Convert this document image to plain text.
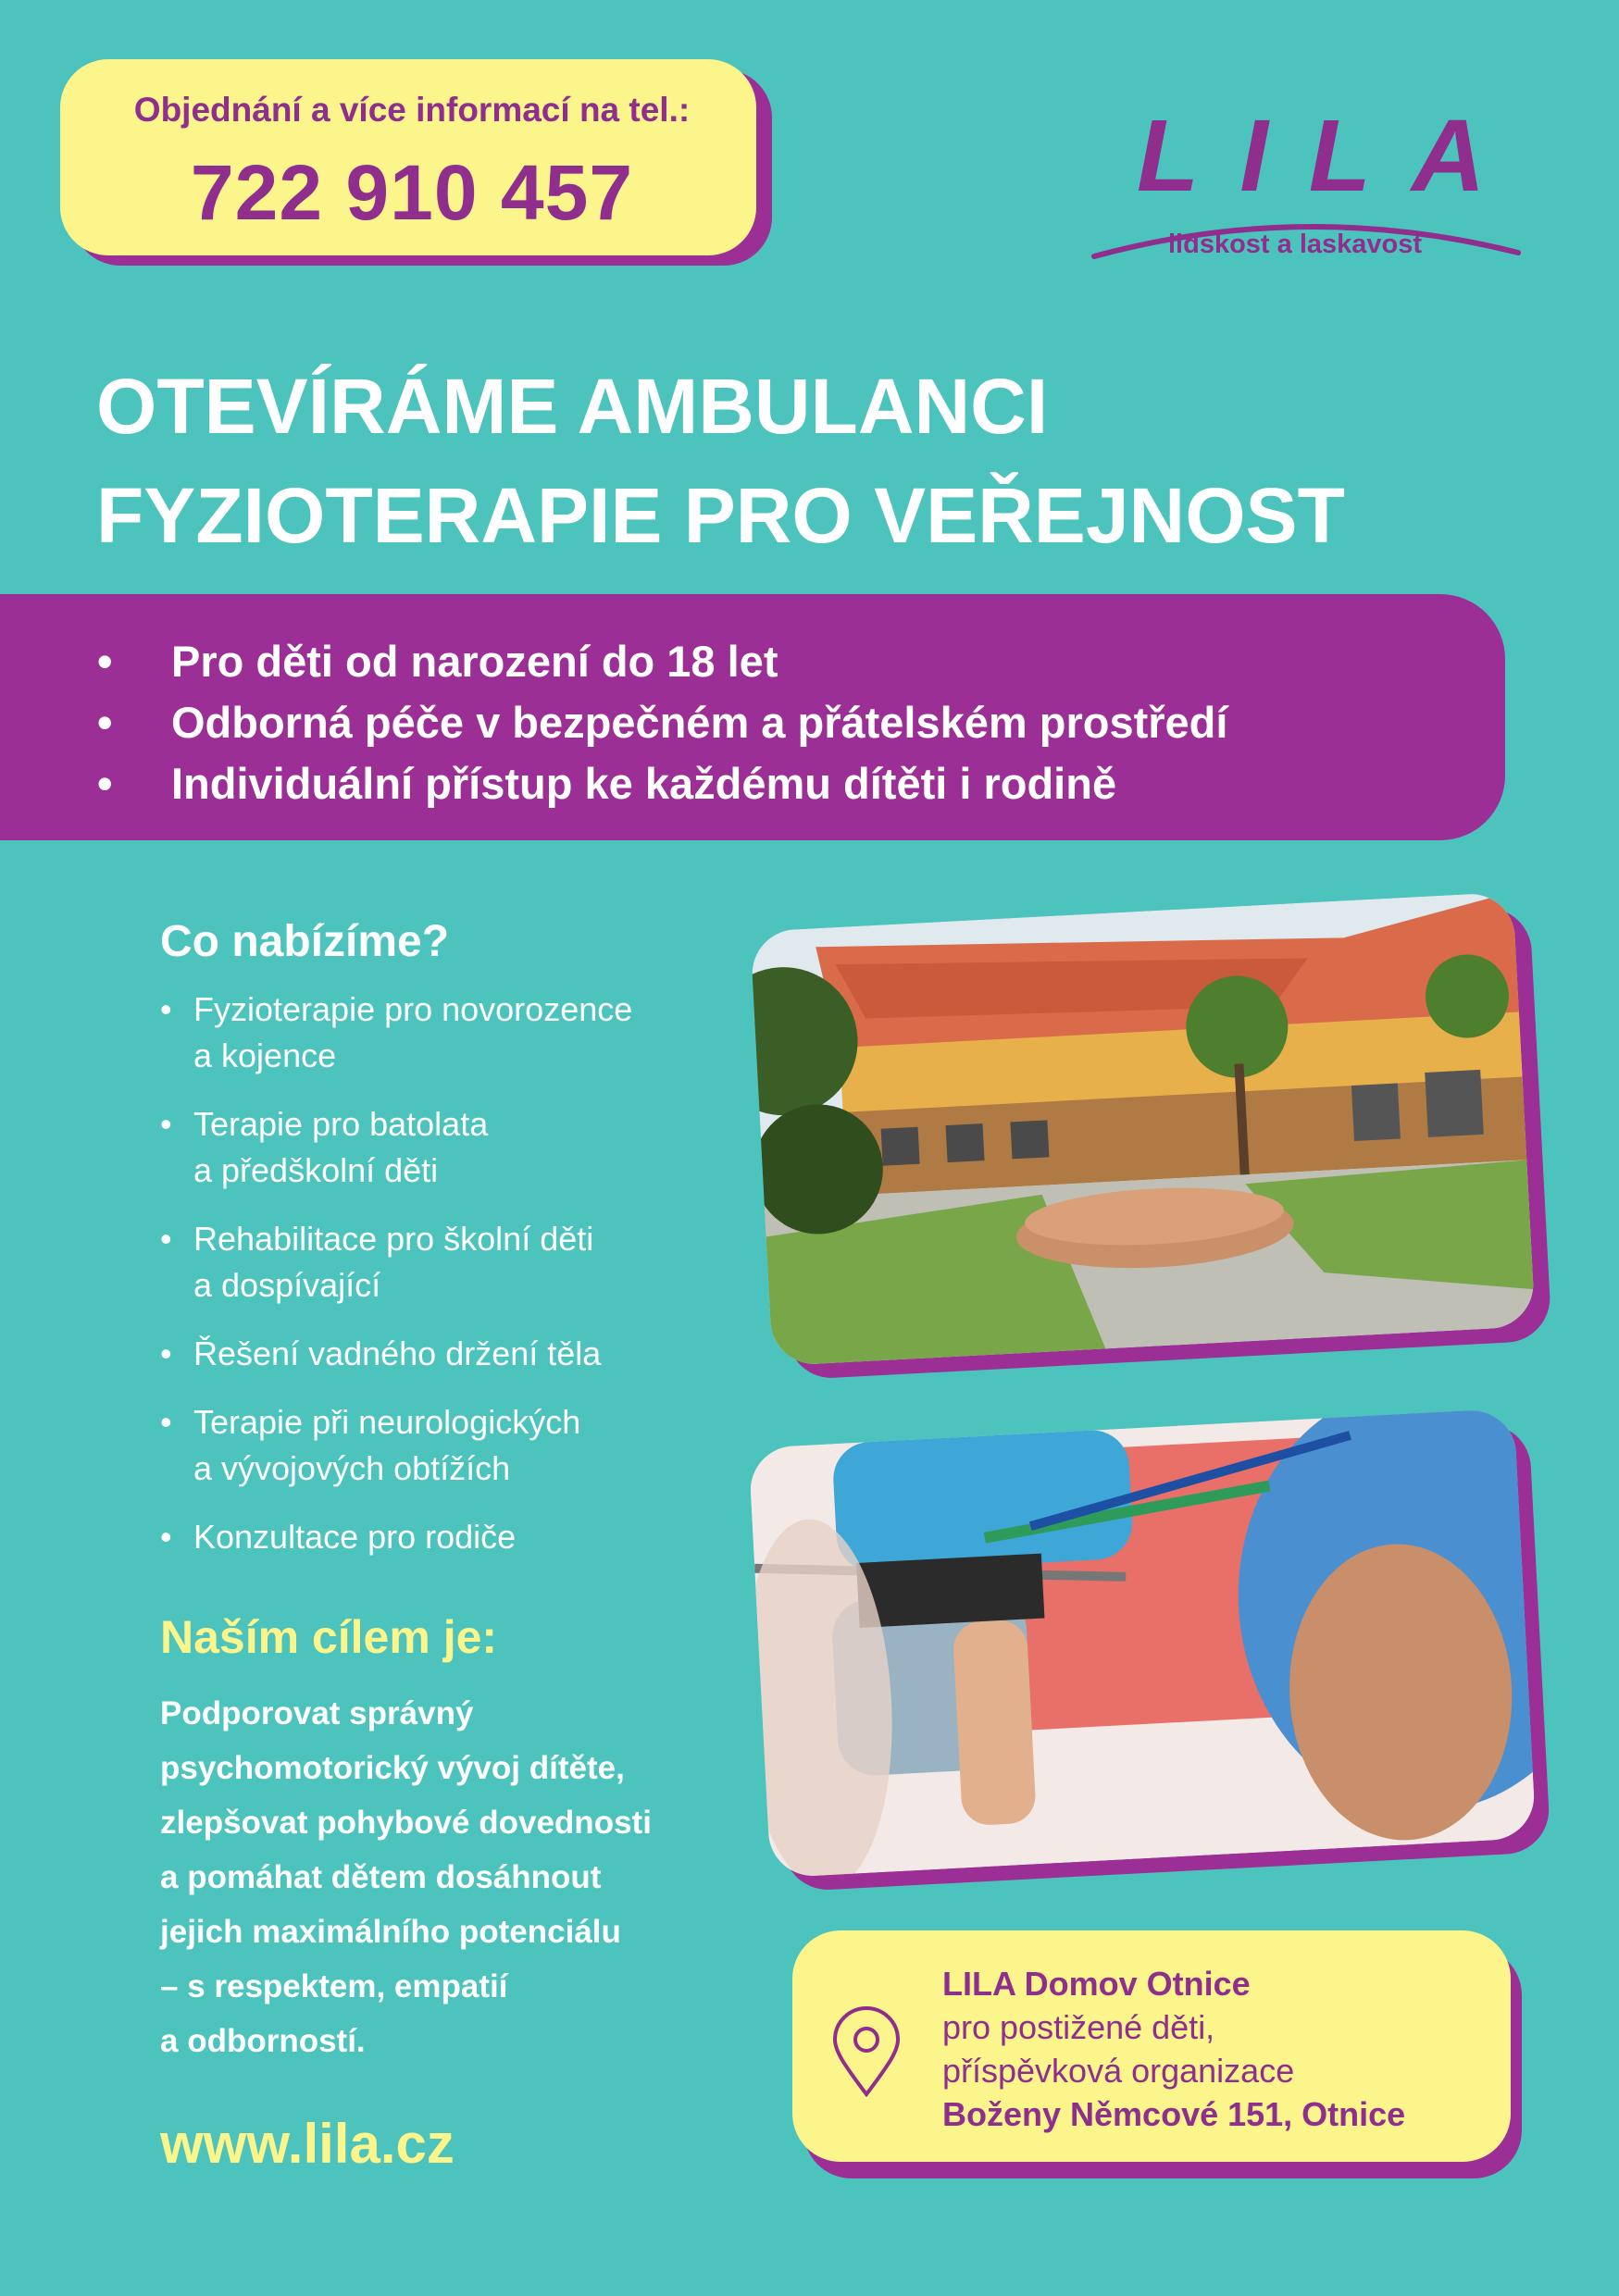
Objednání a více informací na tel.:
722 910 457	LILA
lidskost a laskavost
OTEVÍRÁME AMBULANCI
FYZIOTERAPIE PRO VEŘEJNOST
• Pro děti od narození do 18 let
• Odborná péče v bezpečném a přátelském prostředí
• Individuální přístup ke každému dítěti i rodině
Co nabízíme?
• Fyzioterapie pro novorozence
a kojence
• Terapie pro batolata
a předškolní děti
• Rehabilitace pro školní děti
a dospívající
• Řešení vadného držení těla
• Terapie při neurologických
a vývojových obtížích
• Konzultace pro rodiče
Naším cílem je:
Podporovat správný
psychomotorický vývoj dítěte,
zlepšovat pohybové dovednosti
a pomáhat dětem dosáhnout
jejich maximálního potenciálu
– s respektem, empatií
a odborností.
www.lila.cz
LILA Domov Otnice
pro postižené děti,
příspěvková organizace
Boženy Němcové 151, Otnice
